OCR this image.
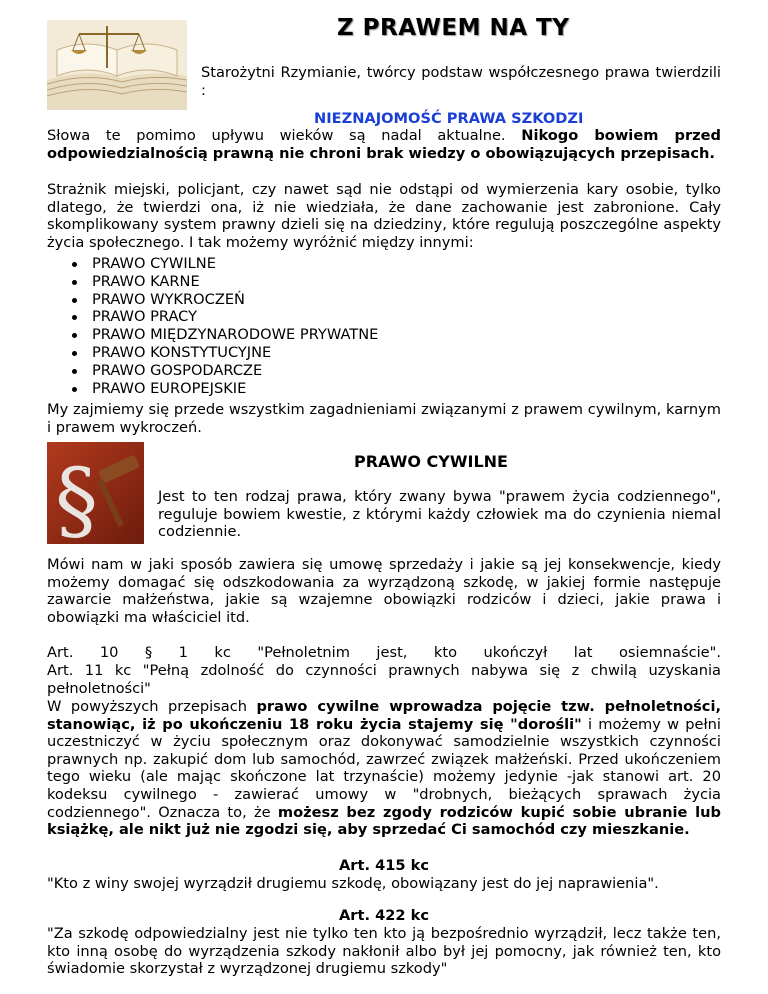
Z PRAWEM NA TY

Starożytni Rzymianie, twórcy podstaw współczesnego prawa twierdzili :

NIEZNAJOMOŚĆ PRAWA SZKODZI

Słowa te pomimo upływu wieków są nadal aktualne. Nikogo bowiem przed odpowiedzialnością prawną nie chroni brak wiedzy o obowiązujących przepisach.

Strażnik miejski, policjant, czy nawet sąd nie odstąpi od wymierzenia kary osobie, tylko dlatego, że twierdzi ona, iż nie wiedziała, że dane zachowanie jest zabronione. Cały skomplikowany system prawny dzieli się na dziedziny, które regulują poszczególne aspekty życia społecznego. I tak możemy wyróżnić między innymi:

PRAWO CYWILNE
PRAWO KARNE
PRAWO WYKROCZEŃ
PRAWO PRACY
PRAWO MIĘDZYNARODOWE PRYWATNE
PRAWO KONSTYTUCYJNE
PRAWO GOSPODARCZE
PRAWO EUROPEJSKIE

My zajmiemy się przede wszystkim zagadnieniami związanymi z prawem cywilnym, karnym i prawem wykroczeń.

§	PRAWO CYWILNE

Jest to ten rodzaj prawa, który zwany bywa "prawem życia codziennego", reguluje bowiem kwestie, z którymi każdy człowiek ma do czynienia niemal codziennie.

Mówi nam w jaki sposób zawiera się umowę sprzedaży i jakie są jej konsekwencje, kiedy możemy domagać się odszkodowania za wyrządzoną szkodę, w jakiej formie następuje zawarcie małżeństwa, jakie są wzajemne obowiązki rodziców i dzieci, jakie prawa i obowiązki ma właściciel itd.

Art. 10 § 1 kc "Pełnoletnim jest, kto ukończył lat osiemnaście".

Art. 11 kc "Pełną zdolność do czynności prawnych nabywa się z chwilą uzyskania pełnoletności"

W powyższych przepisach prawo cywilne wprowadza pojęcie tzw. pełnoletności, stanowiąc, iż po ukończeniu 18 roku życia stajemy się "dorośli" i możemy w pełni uczestniczyć w życiu społecznym oraz dokonywać samodzielnie wszystkich czynności prawnych np. zakupić dom lub samochód, zawrzeć związek małżeński. Przed ukończeniem tego wieku (ale mając skończone lat trzynaście) możemy jedynie -jak stanowi art. 20 kodeksu cywilnego - zawierać umowy w "drobnych, bieżących sprawach życia codziennego". Oznacza to, że możesz bez zgody rodziców kupić sobie ubranie lub książkę, ale nikt już nie zgodzi się, aby sprzedać Ci samochód czy mieszkanie.

Art. 415 kc

"Kto z winy swojej wyrządził drugiemu szkodę, obowiązany jest do jej naprawienia".

Art. 422 kc

"Za szkodę odpowiedzialny jest nie tylko ten kto ją bezpośrednio wyrządził, lecz także ten, kto inną osobę do wyrządzenia szkody nakłonił albo był jej pomocny, jak również ten, kto świadomie skorzystał z wyrządzonej drugiemu szkody"
